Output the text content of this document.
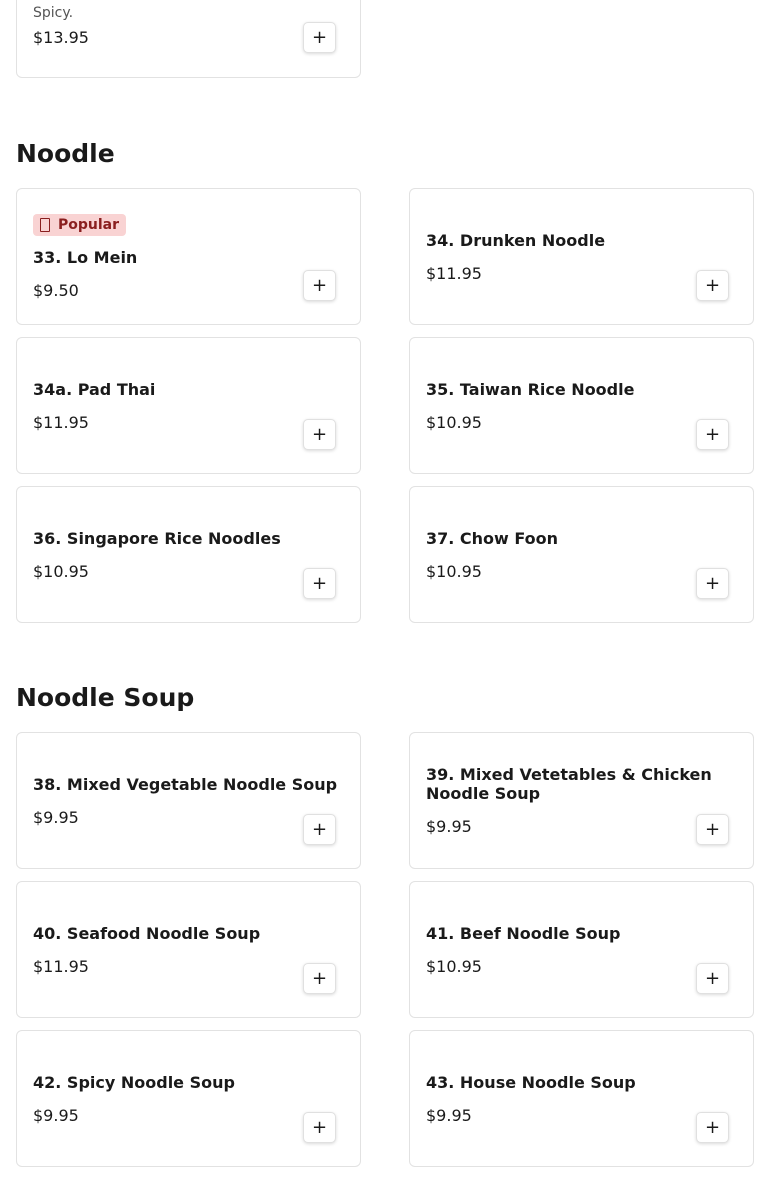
Spicy.
$13.95	+
Noodle
Popular
33. Lo Mein
$9.50	+
34. Drunken Noodle
$11.95
+
34a. Pad Thai
$11.95
+
35. Taiwan Rice Noodle
$10.95
+
36. Singapore Rice Noodles
$10.95
+
37. Chow Foon
$10.95
+
Noodle Soup
38. Mixed Vegetable Noodle Soup
$9.95
+
39. Mixed Vetetables & Chicken Noodle Soup
$9.95	+
40. Seafood Noodle Soup
$11.95
+
41. Beef Noodle Soup
$10.95
+
42. Spicy Noodle Soup
$9.95
+
43. House Noodle Soup
$9.95
+
